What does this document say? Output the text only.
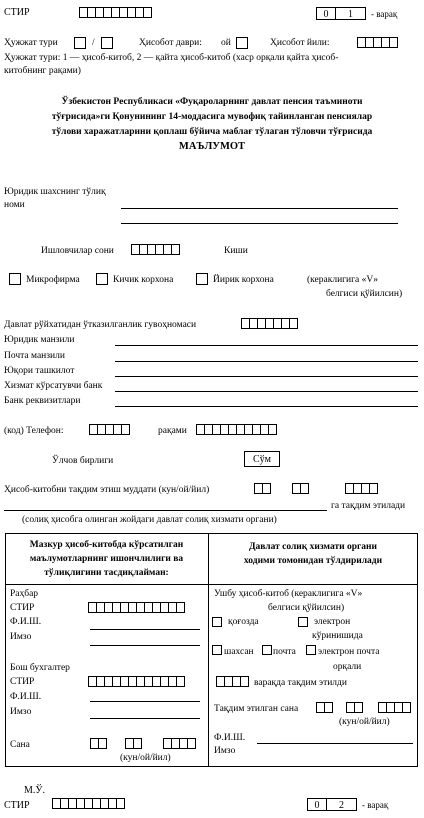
СТИР	0	1	- варақ
Ҳужжат тури	/	Ҳисобот даври: ой	Ҳисобот йили:
Ҳужжат тури: 1 — ҳисоб-китоб, 2 — қайта ҳисоб-китоб (хаср орқали қайта ҳисоб-
китобнинг рақами)
Ўзбекистон Республикаси «Фуқароларнинг давлат пенсия таъминоти
тўғрисида»ги Қонунининг 14-моддасига мувофиқ тайинланган пенсиялар
тўлови харажатларини қоплаш бўйича маблағ тўлаган тўловчи тўғрисида
МАЪЛУМОТ
Юридик шахснинг тўлиқ
номи
Ишловчилар сони	Киши
Микрофирма	Кичик корхона	Йирик корхона	(кераклигига «V»
белгиси қўйилсин)
Давлат рўйхатидан ўтказилганлик гувоҳномаси
Юридик манзили
Почта манзили
Юқори ташкилот
Хизмат кўрсатувчи банк
Банк реквизитлари
(код) Телефон:	рақами
Ўлчов бирлиги	Сўм
Ҳисоб-китобни тақдим этиш муддати (кун/ой/йил)
га тақдим этилади
(солиқ ҳисобга олинган жойдаги давлат солиқ хизмати органи)
Мазкур ҳисоб-китобда кўрсатилган
маълумотларнинг ишончлилиги ва
тўлиқлигини тасдиқлайман:
Давлат солиқ хизмати органи
ходими томонидан тўлдирилади
Раҳбар
СТИР
Ф.И.Ш.
Имзо
Бош бухгалтер
СТИР
Ф.И.Ш.
Имзо
Сана
(кун/ой/йил)
Ушбу ҳисоб-китоб (кераклигига «V»
белгиси қўйилсин)
қоғозда	электрон
кўринишида
шахсан почта электрон почта
орқали
варақда тақдим этилди
Тақдим этилган сана
(кун/ой/йил)
Ф.И.Ш.
Имзо
М.Ў.
СТИР	0	2	- варақ
